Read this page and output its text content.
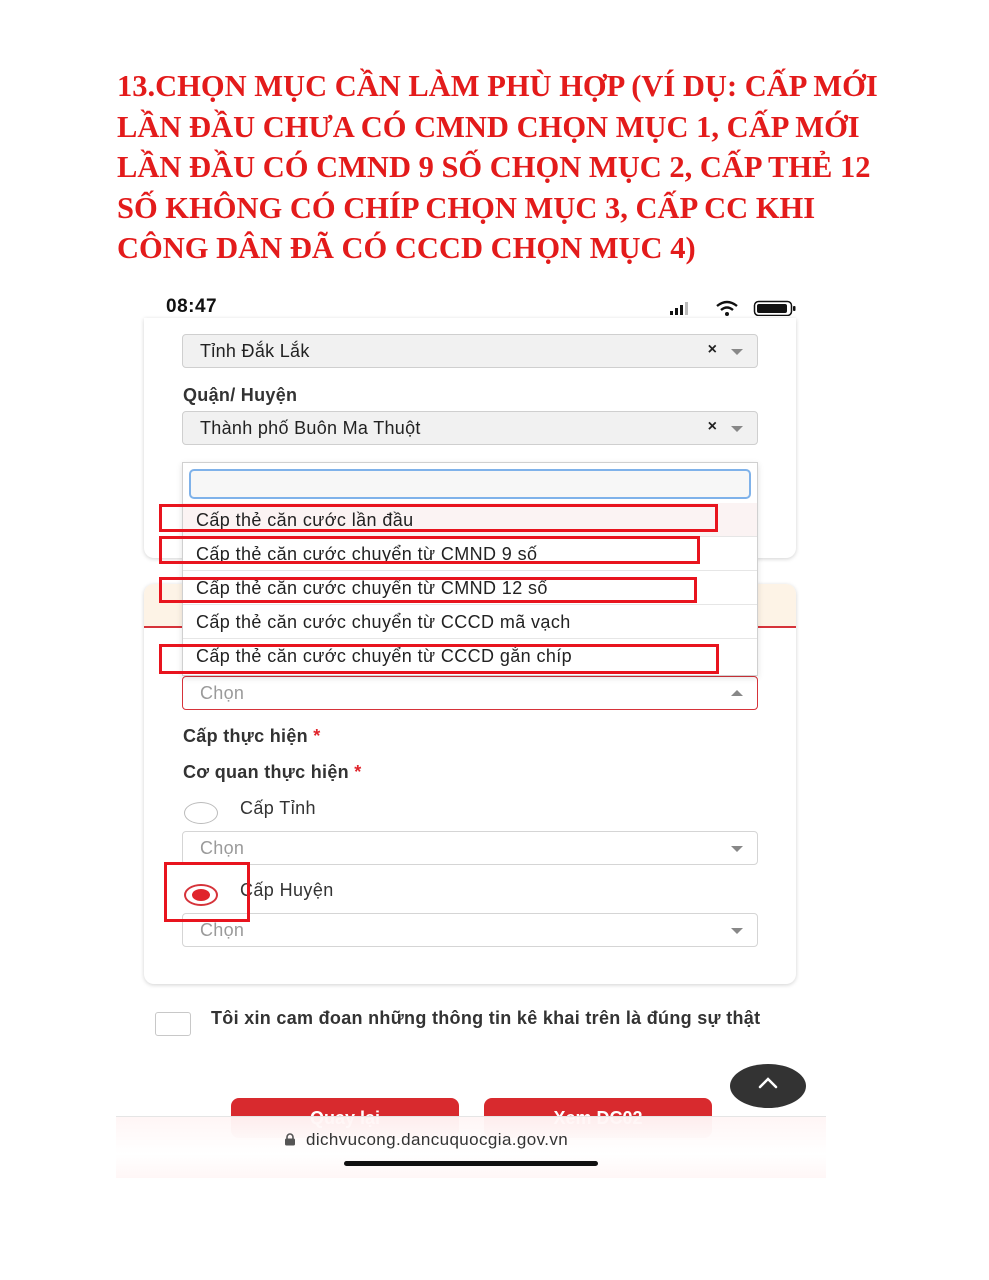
13.CHỌN MỤC CẦN LÀM PHÙ HỢP (VÍ DỤ: CẤP MỚI
LẦN ĐẦU CHƯA CÓ CMND CHỌN MỤC 1, CẤP MỚI
LẦN ĐẦU CÓ CMND 9 SỐ CHỌN MỤC 2, CẤP THẺ 12
SỐ KHÔNG CÓ CHÍP CHỌN MỤC 3, CẤP CC KHI
CÔNG DÂN ĐÃ CÓ CCCD CHỌN MỤC 4)
08:47
Tỉnh Đắk Lắk	×
Quận/ Huyện
Thành phố Buôn Ma Thuột	×
Chọn
Cấp thực hiện *
Cơ quan thực hiện *
Cấp Tỉnh
Chọn
Cấp Huyện
Chọn
Cấp thẻ căn cước lần đầu
Cấp thẻ căn cước chuyển từ CMND 9 số
Cấp thẻ căn cước chuyển từ CMND 12 số
Cấp thẻ căn cước chuyển từ CCCD mã vạch
Cấp thẻ căn cước chuyển từ CCCD gắn chíp
Tôi xin cam đoan những thông tin kê khai trên là đúng sự thật
dichvucong.dancuquocgia.gov.vn
